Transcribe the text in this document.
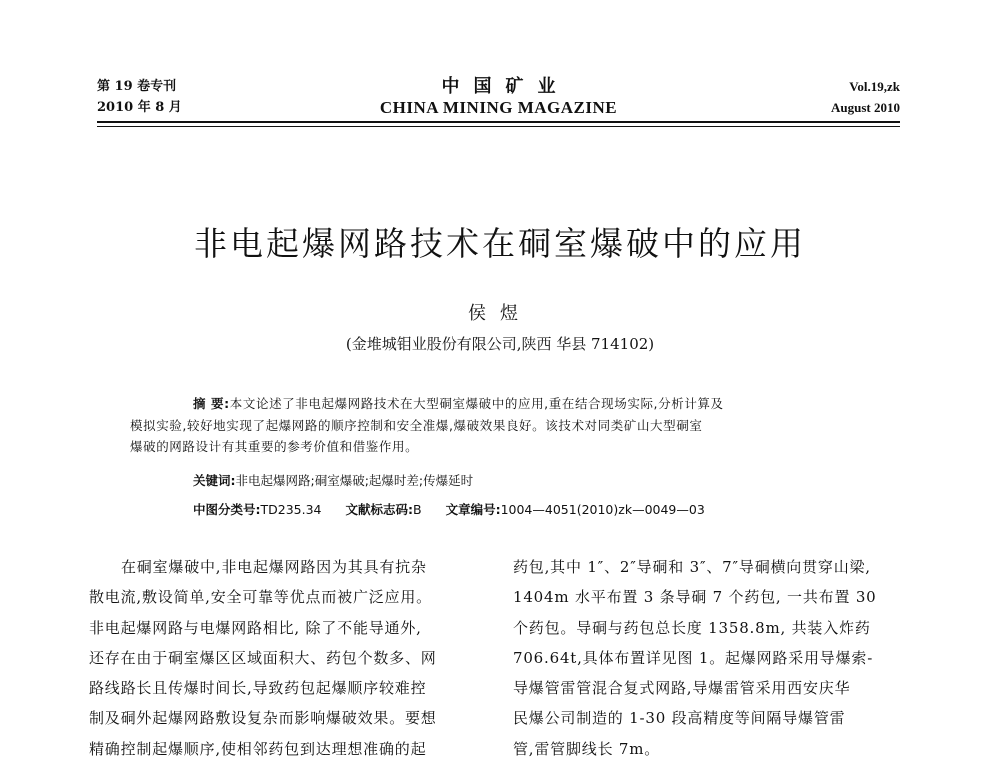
第 19 卷专刊
2010 年 8 月
中国矿业
CHINA MINING MAGAZINE
Vol.19,zk
August 2010
非电起爆网路技术在硐室爆破中的应用
侯煜
(金堆城钼业股份有限公司,陕西 华县 714102)
摘 要:本文论述了非电起爆网路技术在大型硐室爆破中的应用,重在结合现场实际,分析计算及
模拟实验,较好地实现了起爆网路的顺序控制和安全准爆,爆破效果良好。该技术对同类矿山大型硐室
爆破的网路设计有其重要的参考价值和借鉴作用。
关键词:非电起爆网路;硐室爆破;起爆时差;传爆延时
中图分类号:TD235.34 文献标志码:B 文章编号:1004—4051(2010)zk—0049—03
在硐室爆破中,非电起爆网路因为其具有抗杂
散电流,敷设简单,安全可靠等优点而被广泛应用。
非电起爆网路与电爆网路相比, 除了不能导通外,
还存在由于硐室爆区区域面积大、药包个数多、网
路线路长且传爆时间长,导致药包起爆顺序较难控
制及硐外起爆网路敷设复杂而影响爆破效果。要想
精确控制起爆顺序,使相邻药包到达理想准确的起
药包,其中 1″、2″导硐和 3″、7″导硐横向贯穿山梁,
1404m 水平布置 3 条导硐 7 个药包, 一共布置 30
个药包。导硐与药包总长度 1358.8m, 共装入炸药
706.64t,具体布置详见图 1。起爆网路采用导爆索-
导爆管雷管混合复式网路,导爆雷管采用西安庆华
民爆公司制造的 1-30 段高精度等间隔导爆管雷
管,雷管脚线长 7m。
